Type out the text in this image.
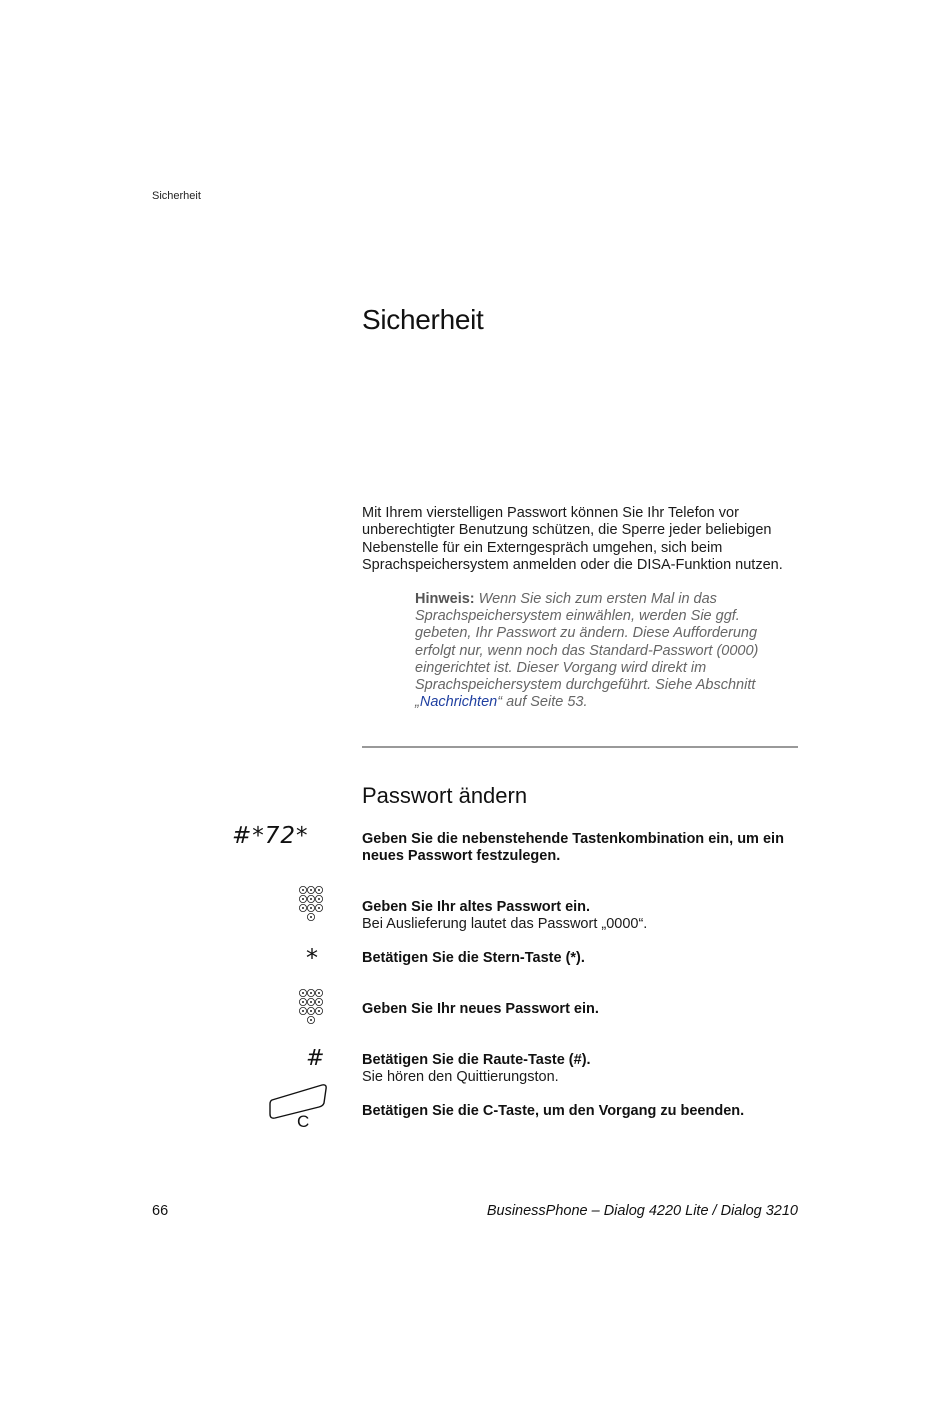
Sicherheit
Sicherheit
Mit Ihrem vierstelligen Passwort können Sie Ihr Telefon vor unberechtigter Benutzung schützen, die Sperre jeder beliebigen Nebenstelle für ein Externgespräch umgehen, sich beim Sprachspeichersystem anmelden oder die DISA-Funktion nutzen.
Hinweis: Wenn Sie sich zum ersten Mal in das Sprachspeichersystem einwählen, werden Sie ggf. gebeten, Ihr Passwort zu ändern. Diese Aufforderung erfolgt nur, wenn noch das Standard-Passwort (0000) eingerichtet ist. Dieser Vorgang wird direkt im Sprachspeichersystem durchgeführt. Siehe Abschnitt „Nachrichten“ auf Seite 53.
Passwort ändern
#*72*	Geben Sie die nebenstehende Tastenkombination ein, um ein neues Passwort festzulegen.
Geben Sie Ihr altes Passwort ein.
Bei Auslieferung lautet das Passwort „0000“.
*	Betätigen Sie die Stern-Taste (*).
Geben Sie Ihr neues Passwort ein.
#	Betätigen Sie die Raute-Taste (#).
Sie hören den Quittierungston.
C
Betätigen Sie die C-Taste, um den Vorgang zu beenden.
66	BusinessPhone – Dialog 4220 Lite / Dialog 3210
